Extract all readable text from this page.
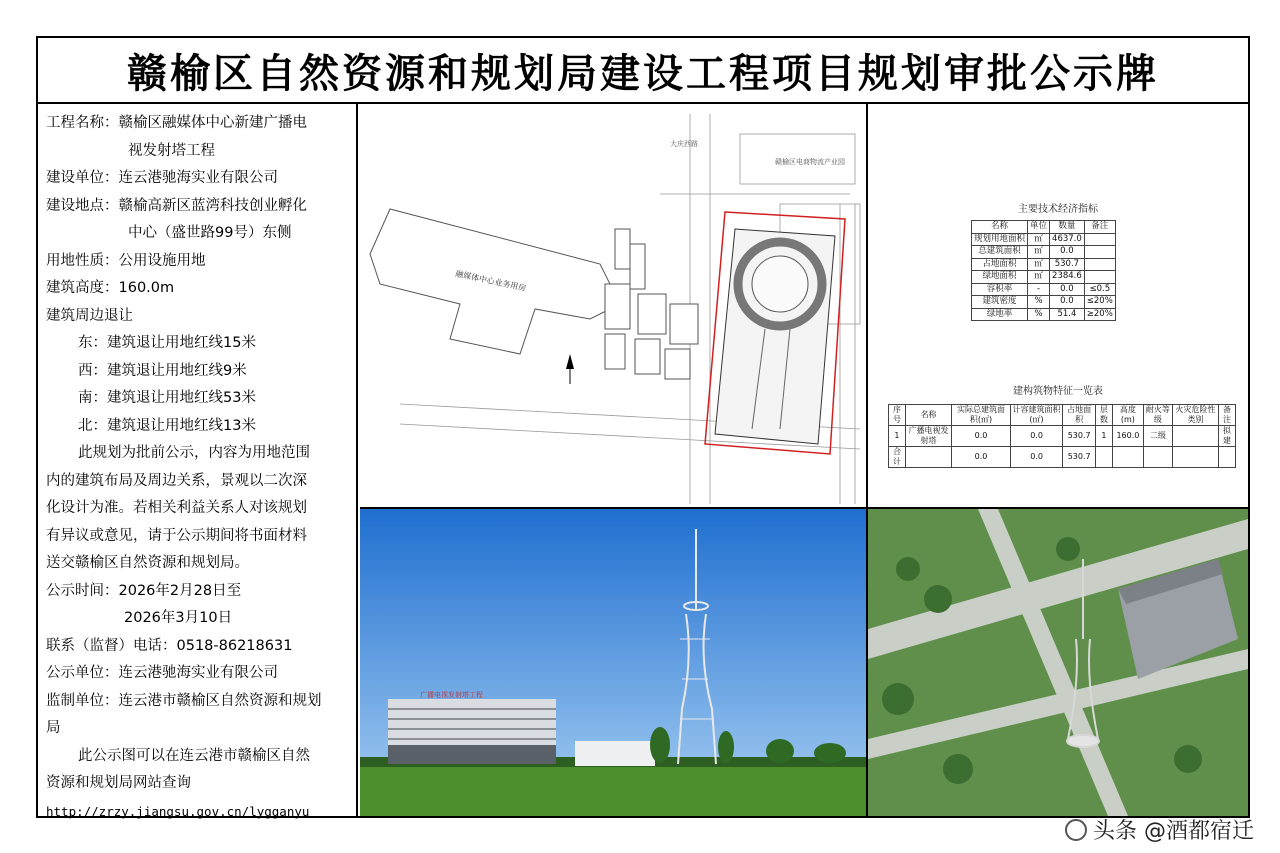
赣榆区自然资源和规划局建设工程项目规划审批公示牌
工程名称：赣榆区融媒体中心新建广播电
视发射塔工程
建设单位：连云港驰海实业有限公司
建设地点：赣榆高新区蓝湾科技创业孵化
中心（盛世路99号）东侧
用地性质：公用设施用地
建筑高度：160.0m
建筑周边退让
东：建筑退让用地红线15米
西：建筑退让用地红线9米
南：建筑退让用地红线53米
北：建筑退让用地红线13米
此规划为批前公示，内容为用地范围
内的建筑布局及周边关系，景观以二次深
化设计为准。若相关利益关系人对该规划
有异议或意见，请于公示期间将书面材料
送交赣榆区自然资源和规划局。
公示时间：2026年2月28日至
2026年3月10日
联系（监督）电话：0518-86218631
公示单位：连云港驰海实业有限公司
监制单位：连云港市赣榆区自然资源和规划
局
此公示图可以在连云港市赣榆区自然
资源和规划局网站查询
http://zrzy.jiangsu.gov.cn/lygganyu
融媒体中心业务用房
大庆西路
赣榆区电商物流产业园
主要技术经济指标
名称	单位	数量	备注
规划用地面积	㎡	4637.0	
总建筑面积	㎡	0.0	
占地面积	㎡	530.7	
绿地面积	㎡	2384.6	
容积率	-	0.0	≤0.5
建筑密度	%	0.0	≤20%
绿地率	%	51.4	≥20%
建构筑物特征一览表
序号	名称	实际总建筑面积(㎡)	计容建筑面积(㎡)	占地面积	层数	高度(m)	耐火等级	火灾危险性类别	备注
1	广播电视发射塔	0.0	0.0	530.7	1	160.0	二级		拟建
合计		0.0	0.0	530.7					
广播电视发射塔工程
头条 @酒都宿迁
